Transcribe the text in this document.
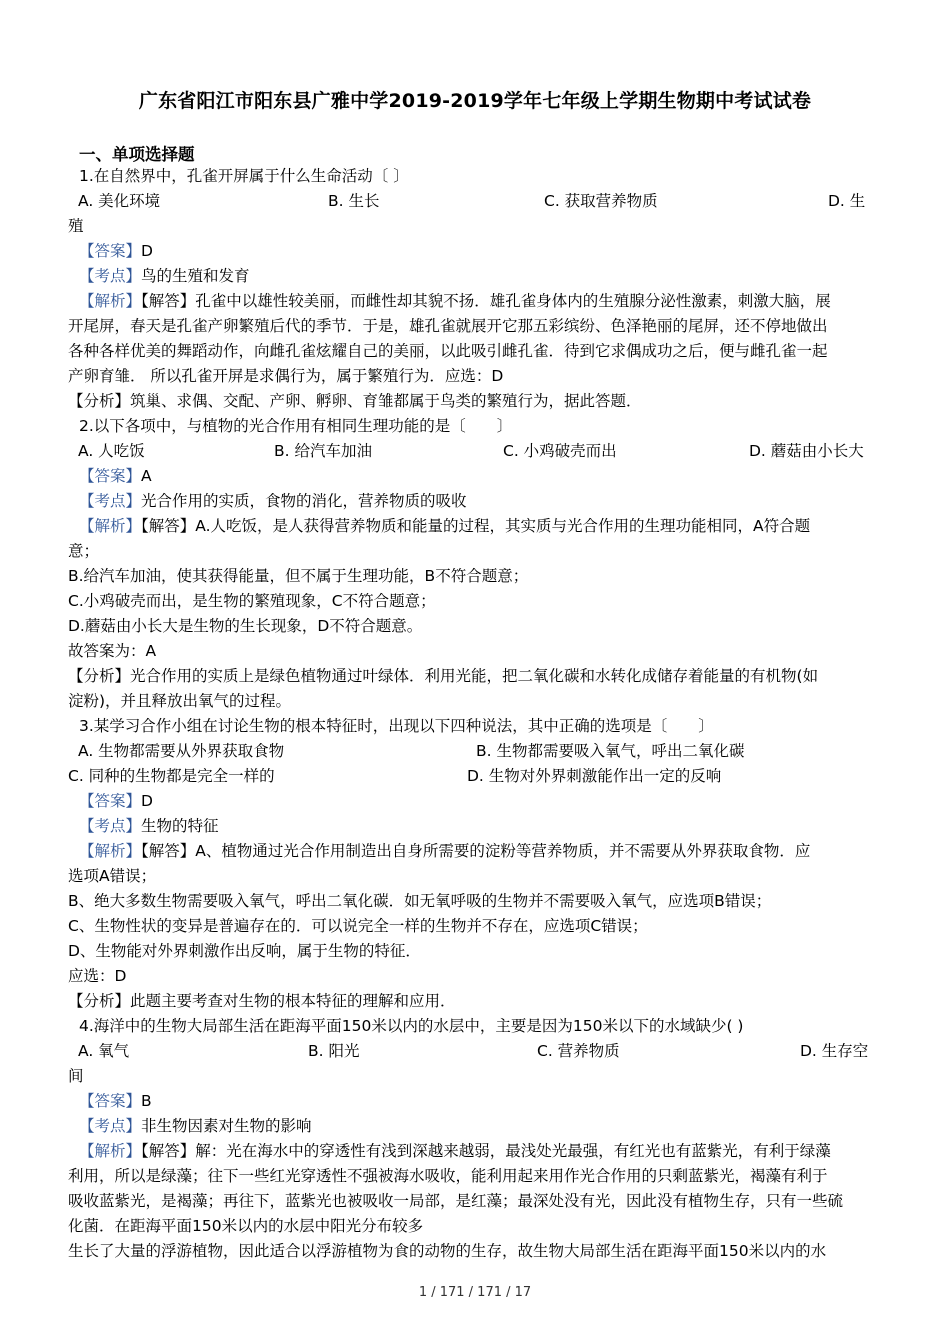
广东省阳江市阳东县广雅中学2019-2019学年七年级上学期生物期中考试试卷
一、单项选择题

1.在自然界中，孔雀开屏属于什么生命活动〔 〕

A. 美化环境	B. 生长	C. 获取营养物质	D. 生

殖

【答案】D

【考点】鸟的生殖和发育

【解析】【解答】孔雀中以雄性较美丽，而雌性却其貌不扬．雄孔雀身体内的生殖腺分泌性激素，刺激大脑，展

开尾屏，春天是孔雀产卵繁殖后代的季节．于是，雄孔雀就展开它那五彩缤纷、色泽艳丽的尾屏，还不停地做出

各种各样优美的舞蹈动作，向雌孔雀炫耀自己的美丽，以此吸引雌孔雀．待到它求偶成功之后，便与雌孔雀一起

产卵育雏． 所以孔雀开屏是求偶行为，属于繁殖行为．应选：D

【分析】筑巢、求偶、交配、产卵、孵卵、育雏都属于鸟类的繁殖行为，据此答题．

2.以下各项中，与植物的光合作用有相同生理功能的是〔　　〕

A. 人吃饭	B. 给汽车加油	C. 小鸡破壳而出	D. 蘑菇由小长大

【答案】A

【考点】光合作用的实质，食物的消化，营养物质的吸收

【解析】【解答】A.人吃饭，是人获得营养物质和能量的过程，其实质与光合作用的生理功能相同，A符合题

意；

B.给汽车加油，使其获得能量，但不属于生理功能，B不符合题意；

C.小鸡破壳而出，是生物的繁殖现象，C不符合题意；

D.蘑菇由小长大是生物的生长现象，D不符合题意。

故答案为：A

【分析】光合作用的实质上是绿色植物通过叶绿体．利用光能，把二氧化碳和水转化成储存着能量的有机物(如

淀粉)，并且释放出氧气的过程。

3.某学习合作小组在讨论生物的根本特征时，出现以下四种说法，其中正确的选项是〔　　〕

A. 生物都需要从外界获取食物	B. 生物都需要吸入氧气，呼出二氧化碳
C. 同种的生物都是完全一样的	D. 生物对外界刺激能作出一定的反响

【答案】D

【考点】生物的特征

【解析】【解答】A、植物通过光合作用制造出自身所需要的淀粉等营养物质，并不需要从外界获取食物．应

选项A错误；

B、绝大多数生物需要吸入氧气，呼出二氧化碳．如无氧呼吸的生物并不需要吸入氧气，应选项B错误；

C、生物性状的变异是普遍存在的．可以说完全一样的生物并不存在，应选项C错误；

D、生物能对外界刺激作出反响，属于生物的特征．

应选：D

【分析】此题主要考查对生物的根本特征的理解和应用．

4.海洋中的生物大局部生活在距海平面150米以内的水层中，主要是因为150米以下的水域缺少( )

A. 氧气	B. 阳光	C. 营养物质	D. 生存空

间

【答案】B

【考点】非生物因素对生物的影响

【解析】【解答】解：光在海水中的穿透性有浅到深越来越弱，最浅处光最强，有红光也有蓝紫光，有利于绿藻

利用，所以是绿藻；往下一些红光穿透性不强被海水吸收，能利用起来用作光合作用的只剩蓝紫光，褐藻有利于

吸收蓝紫光，是褐藻；再往下，蓝紫光也被吸收一局部，是红藻；最深处没有光，因此没有植物生存，只有一些硫

化菌．在距海平面150米以内的水层中阳光分布较多

生长了大量的浮游植物，因此适合以浮游植物为食的动物的生存，故生物大局部生活在距海平面150米以内的水

1 / 171 / 171 / 17
